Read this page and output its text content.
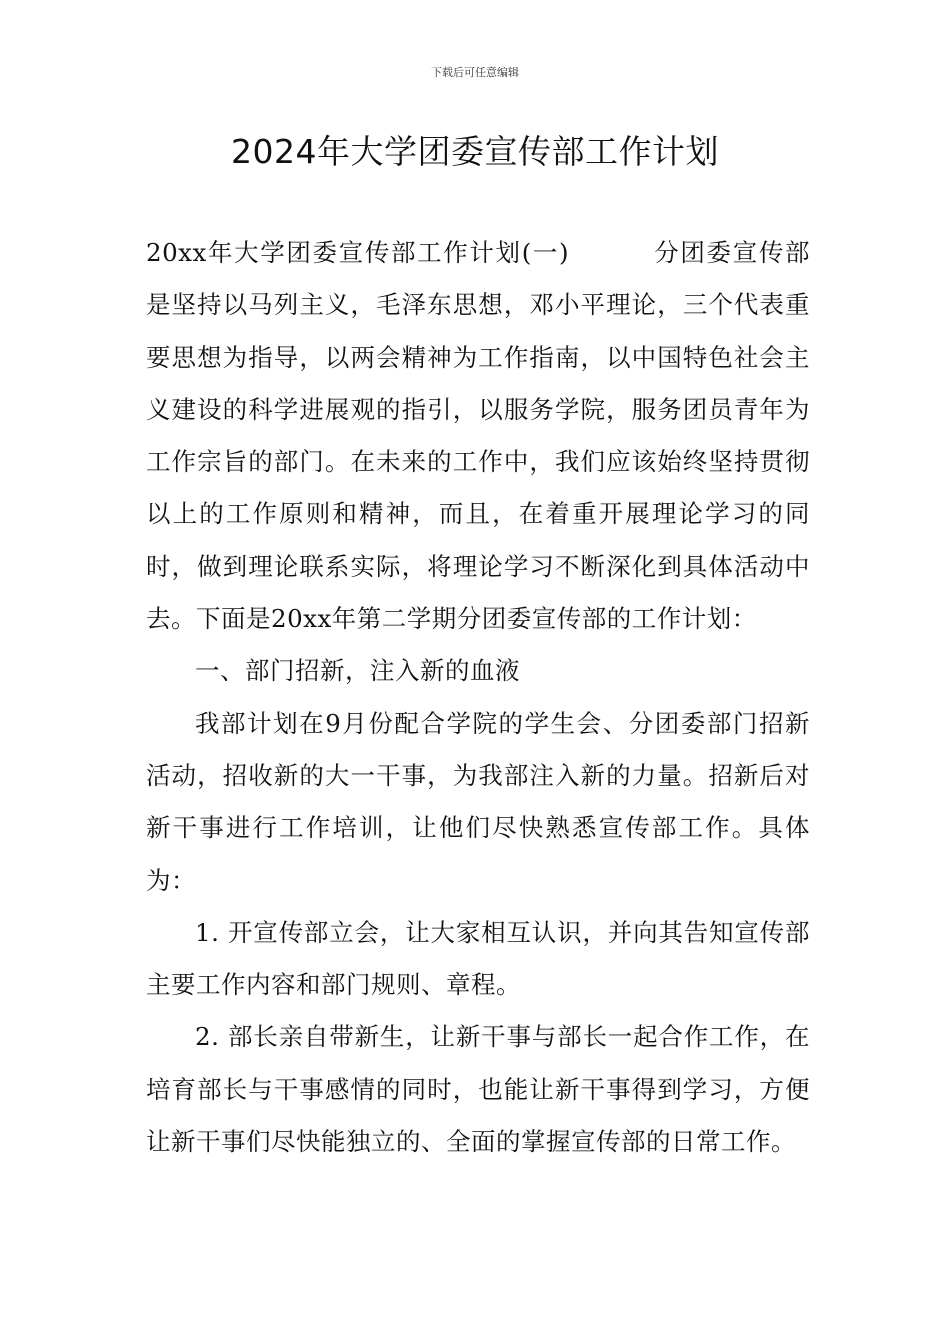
下载后可任意编辑
2024年大学团委宣传部工作计划

20xx年大学团委宣传部工作计划(一)	分团委宣传部是坚持以马列主义，毛泽东思想，邓小平理论，三个代表重要思想为指导，以两会精神为工作指南，以中国特色社会主义建设的科学进展观的指引，以服务学院，服务团员青年为工作宗旨的部门。在未来的工作中，我们应该始终坚持贯彻以上的工作原则和精神，而且，在着重开展理论学习的同时，做到理论联系实际，将理论学习不断深化到具体活动中去。下面是20xx年第二学期分团委宣传部的工作计划：

一、部门招新，注入新的血液

我部计划在9月份配合学院的学生会、分团委部门招新活动，招收新的大一干事，为我部注入新的力量。招新后对新干事进行工作培训，让他们尽快熟悉宣传部工作。具体为：

1. 开宣传部立会，让大家相互认识，并向其告知宣传部主要工作内容和部门规则、章程。

2. 部长亲自带新生，让新干事与部长一起合作工作，在培育部长与干事感情的同时，也能让新干事得到学习，方便让新干事们尽快能独立的、全面的掌握宣传部的日常工作。
